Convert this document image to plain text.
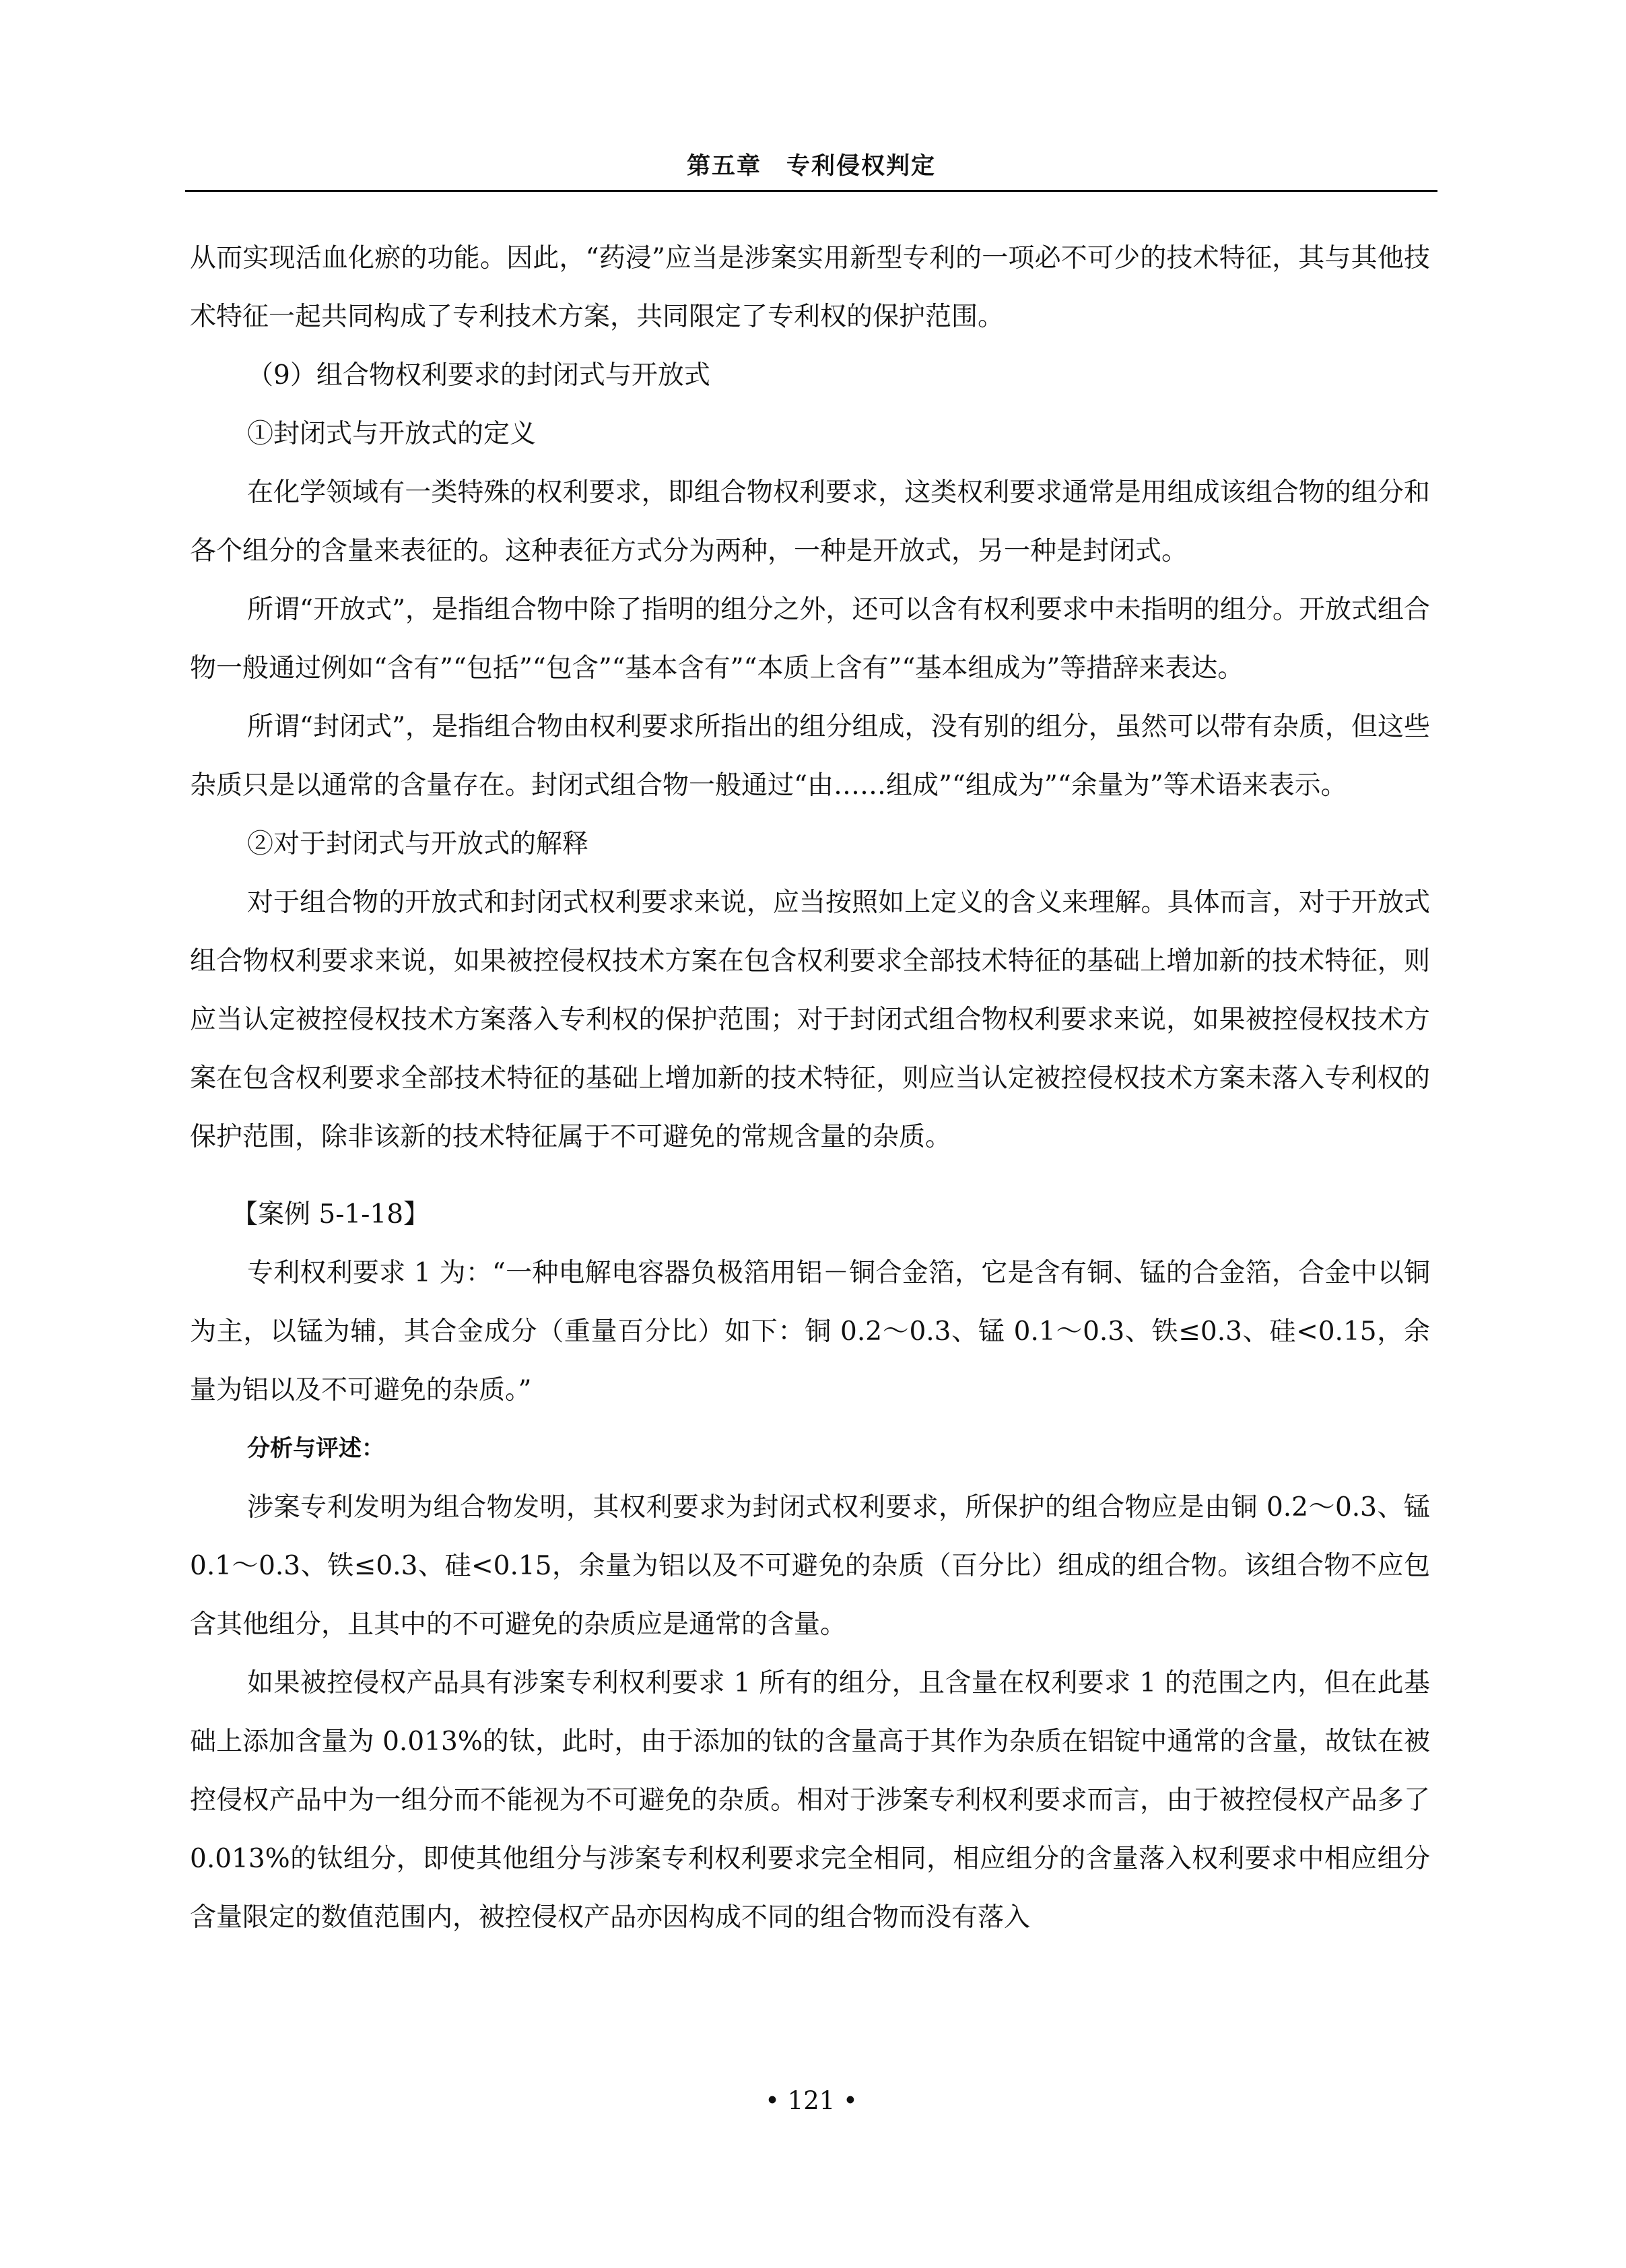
第五章　专利侵权判定

从而实现活血化瘀的功能。因此，“药浸”应当是涉案实用新型专利的一项必不可少的技术特征，其与其他技术特征一起共同构成了专利技术方案，共同限定了专利权的保护范围。

（9）组合物权利要求的封闭式与开放式

①封闭式与开放式的定义

在化学领域有一类特殊的权利要求，即组合物权利要求，这类权利要求通常是用组成该组合物的组分和各个组分的含量来表征的。这种表征方式分为两种，一种是开放式，另一种是封闭式。

所谓“开放式”，是指组合物中除了指明的组分之外，还可以含有权利要求中未指明的组分。开放式组合物一般通过例如“含有”“包括”“包含”“基本含有”“本质上含有”“基本组成为”等措辞来表达。

所谓“封闭式”，是指组合物由权利要求所指出的组分组成，没有别的组分，虽然可以带有杂质，但这些杂质只是以通常的含量存在。封闭式组合物一般通过“由……组成”“组成为”“余量为”等术语来表示。

②对于封闭式与开放式的解释

对于组合物的开放式和封闭式权利要求来说，应当按照如上定义的含义来理解。具体而言，对于开放式组合物权利要求来说，如果被控侵权技术方案在包含权利要求全部技术特征的基础上增加新的技术特征，则应当认定被控侵权技术方案落入专利权的保护范围；对于封闭式组合物权利要求来说，如果被控侵权技术方案在包含权利要求全部技术特征的基础上增加新的技术特征，则应当认定被控侵权技术方案未落入专利权的保护范围，除非该新的技术特征属于不可避免的常规含量的杂质。

【案例 5-1-18】

专利权利要求 1 为：“一种电解电容器负极箔用铝－铜合金箔，它是含有铜、锰的合金箔，合金中以铜为主，以锰为辅，其合金成分（重量百分比）如下：铜 0.2～0.3、锰 0.1～0.3、铁≤0.3、硅<0.15，余量为铝以及不可避免的杂质。”

分析与评述：

涉案专利发明为组合物发明，其权利要求为封闭式权利要求，所保护的组合物应是由铜 0.2～0.3、锰 0.1～0.3、铁≤0.3、硅<0.15，余量为铝以及不可避免的杂质（百分比）组成的组合物。该组合物不应包含其他组分，且其中的不可避免的杂质应是通常的含量。

如果被控侵权产品具有涉案专利权利要求 1 所有的组分，且含量在权利要求 1 的范围之内，但在此基础上添加含量为 0.013%的钛，此时，由于添加的钛的含量高于其作为杂质在铝锭中通常的含量，故钛在被控侵权产品中为一组分而不能视为不可避免的杂质。相对于涉案专利权利要求而言，由于被控侵权产品多了 0.013%的钛组分，即使其他组分与涉案专利权利要求完全相同，相应组分的含量落入权利要求中相应组分含量限定的数值范围内，被控侵权产品亦因构成不同的组合物而没有落入

• 121 •
